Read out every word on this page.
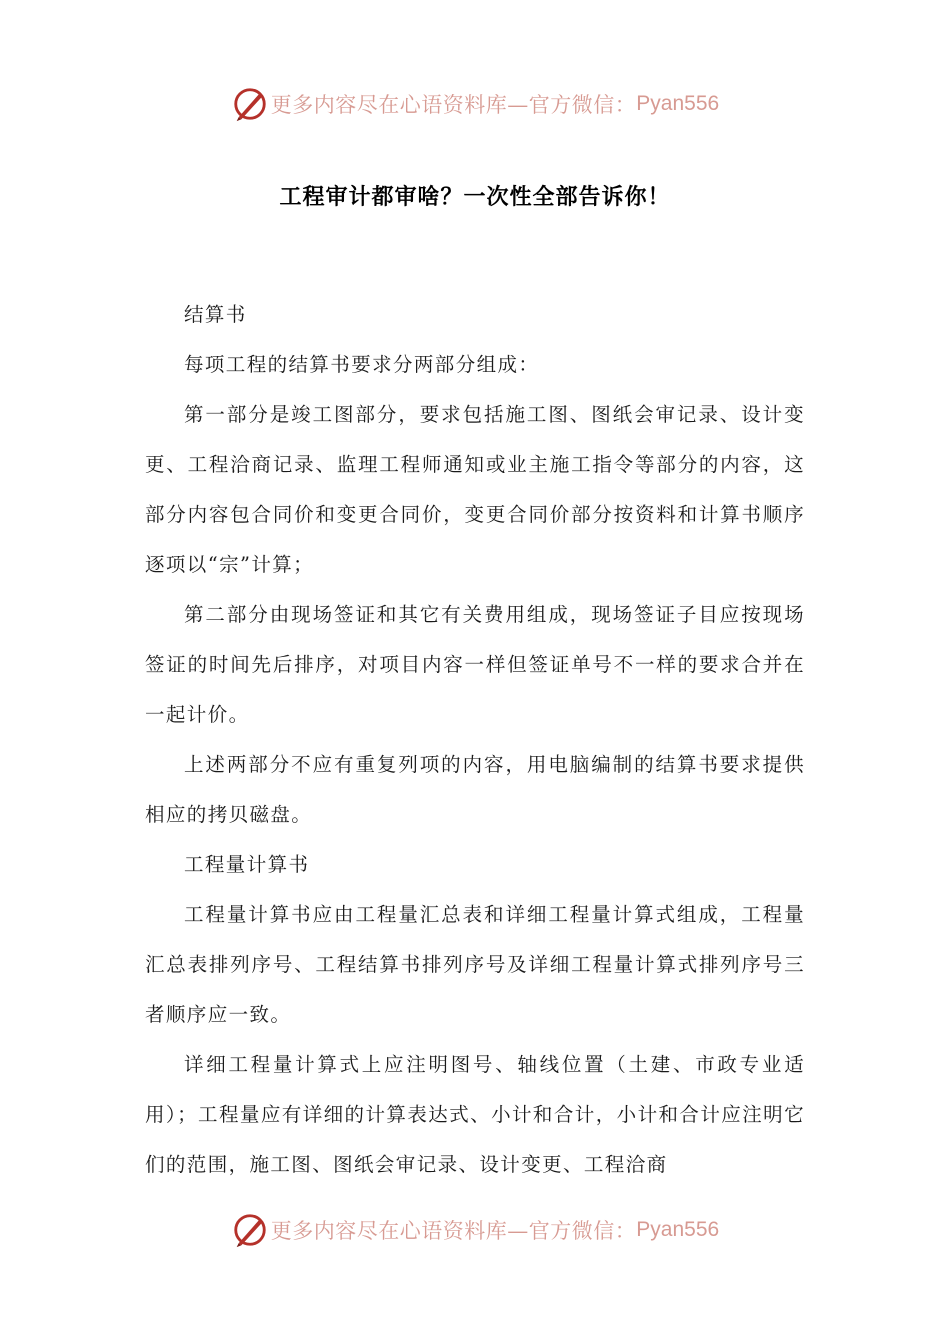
更多内容尽在心语资料库—官方微信： Pyan556
工程审计都审啥？一次性全部告诉你！

结算书

每项工程的结算书要求分两部分组成：

第一部分是竣工图部分，要求包括施工图、图纸会审记录、设计变更、工程洽商记录、监理工程师通知或业主施工指令等部分的内容，这部分内容包合同价和变更合同价，变更合同价部分按资料和计算书顺序逐项以“宗”计算；

第二部分由现场签证和其它有关费用组成，现场签证子目应按现场签证的时间先后排序，对项目内容一样但签证单号不一样的要求合并在一起计价。

上述两部分不应有重复列项的内容，用电脑编制的结算书要求提供相应的拷贝磁盘。

工程量计算书

工程量计算书应由工程量汇总表和详细工程量计算式组成，工程量汇总表排列序号、工程结算书排列序号及详细工程量计算式排列序号三者顺序应一致。

详细工程量计算式上应注明图号、轴线位置（土建、市政专业适用）；工程量应有详细的计算表达式、小计和合计，小计和合计应注明它们的范围，施工图、图纸会审记录、设计变更、工程洽商

更多内容尽在心语资料库—官方微信： Pyan556
